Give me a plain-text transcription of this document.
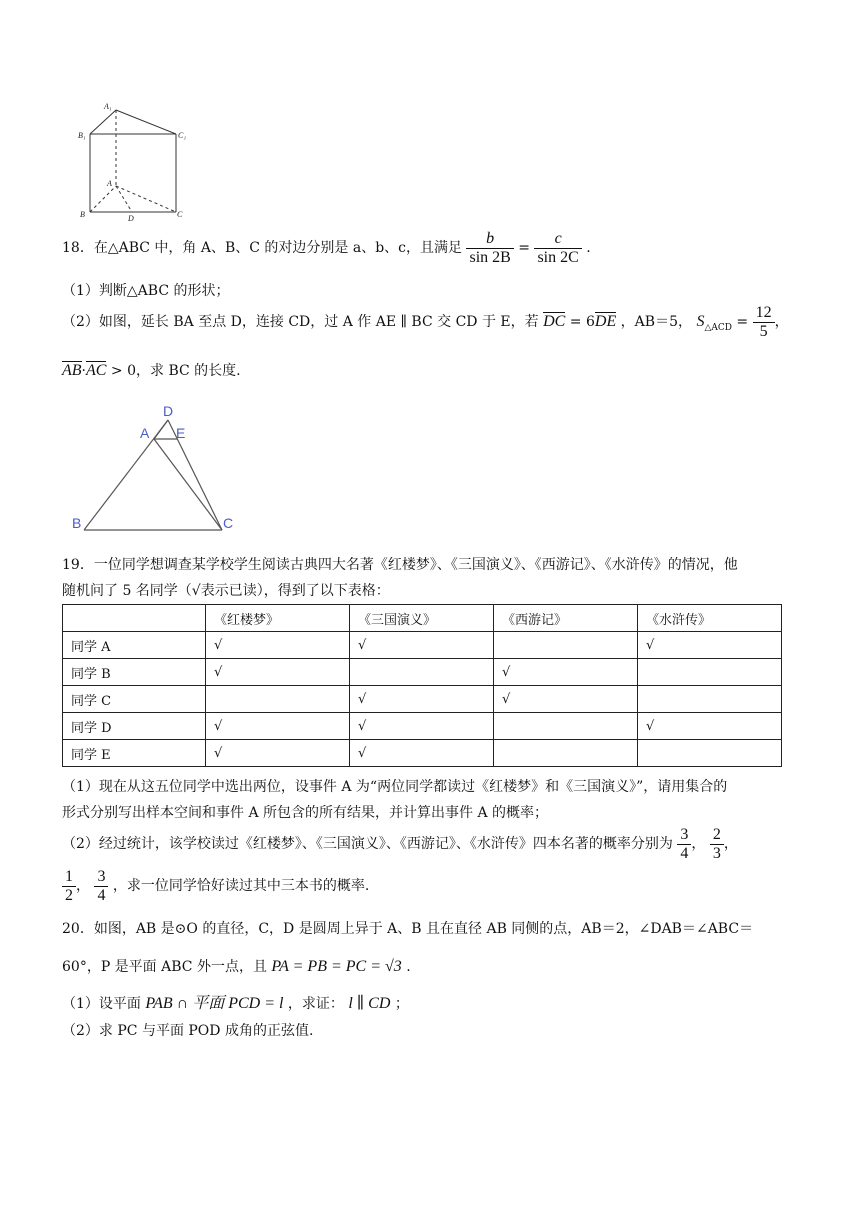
A₁
B₁	C₁
A
B	D	C
18．在△ABC 中，角 A、B、C 的对边分别是 a、b、c，且满足 $\frac{b}{\sin 2B} = \frac{c}{\sin 2C}$ .
（1）判断△ABC 的形状；
（2）如图，延长 BA 至点 D，连接 CD，过 A 作 AE ∥ BC 交 CD 于 E，若 DC = 6DE ，AB＝5， $S_{\triangle ACD} = \frac{12}{5}$ ，
AB·AC > 0，求 BC 的长度.
D
A E
B	C
19．一位同学想调查某学校学生阅读古典四大名著《红楼梦》、《三国演义》、《西游记》、《水浒传》的情况，他
随机问了 5 名同学（√表示已读），得到了以下表格：
	《红楼梦》	《三国演义》	《西游记》	《水浒传》
同学 A	√	√		√
同学 B	√		√	
同学 C		√	√	
同学 D	√	√		√
同学 E	√	√		
（1）现在从这五位同学中选出两位，设事件 A 为“两位同学都读过《红楼梦》和《三国演义》”，请用集合的
形式分别写出样本空间和事件 A 所包含的所有结果，并计算出事件 A 的概率；
（2）经过统计，该学校读过《红楼梦》、《三国演义》、《西游记》、《水浒传》四本名著的概率分别为 $\frac{3}{4}$ ， $\frac{2}{3}$ ，
$\frac{1}{2}$ ， $\frac{3}{4}$ ，求一位同学恰好读过其中三本书的概率.
20．如图，AB 是⊙O 的直径，C，D 是圆周上异于 A、B 且在直径 AB 同侧的点，AB＝2，∠DAB＝∠ABC＝
60°，P 是平面 ABC 外一点，且 PA = PB = PC = √3 .
（1）设平面 PAB ∩ 平面 PCD = l ，求证： l ∥ CD ；
（2）求 PC 与平面 POD 成角的正弦值.
